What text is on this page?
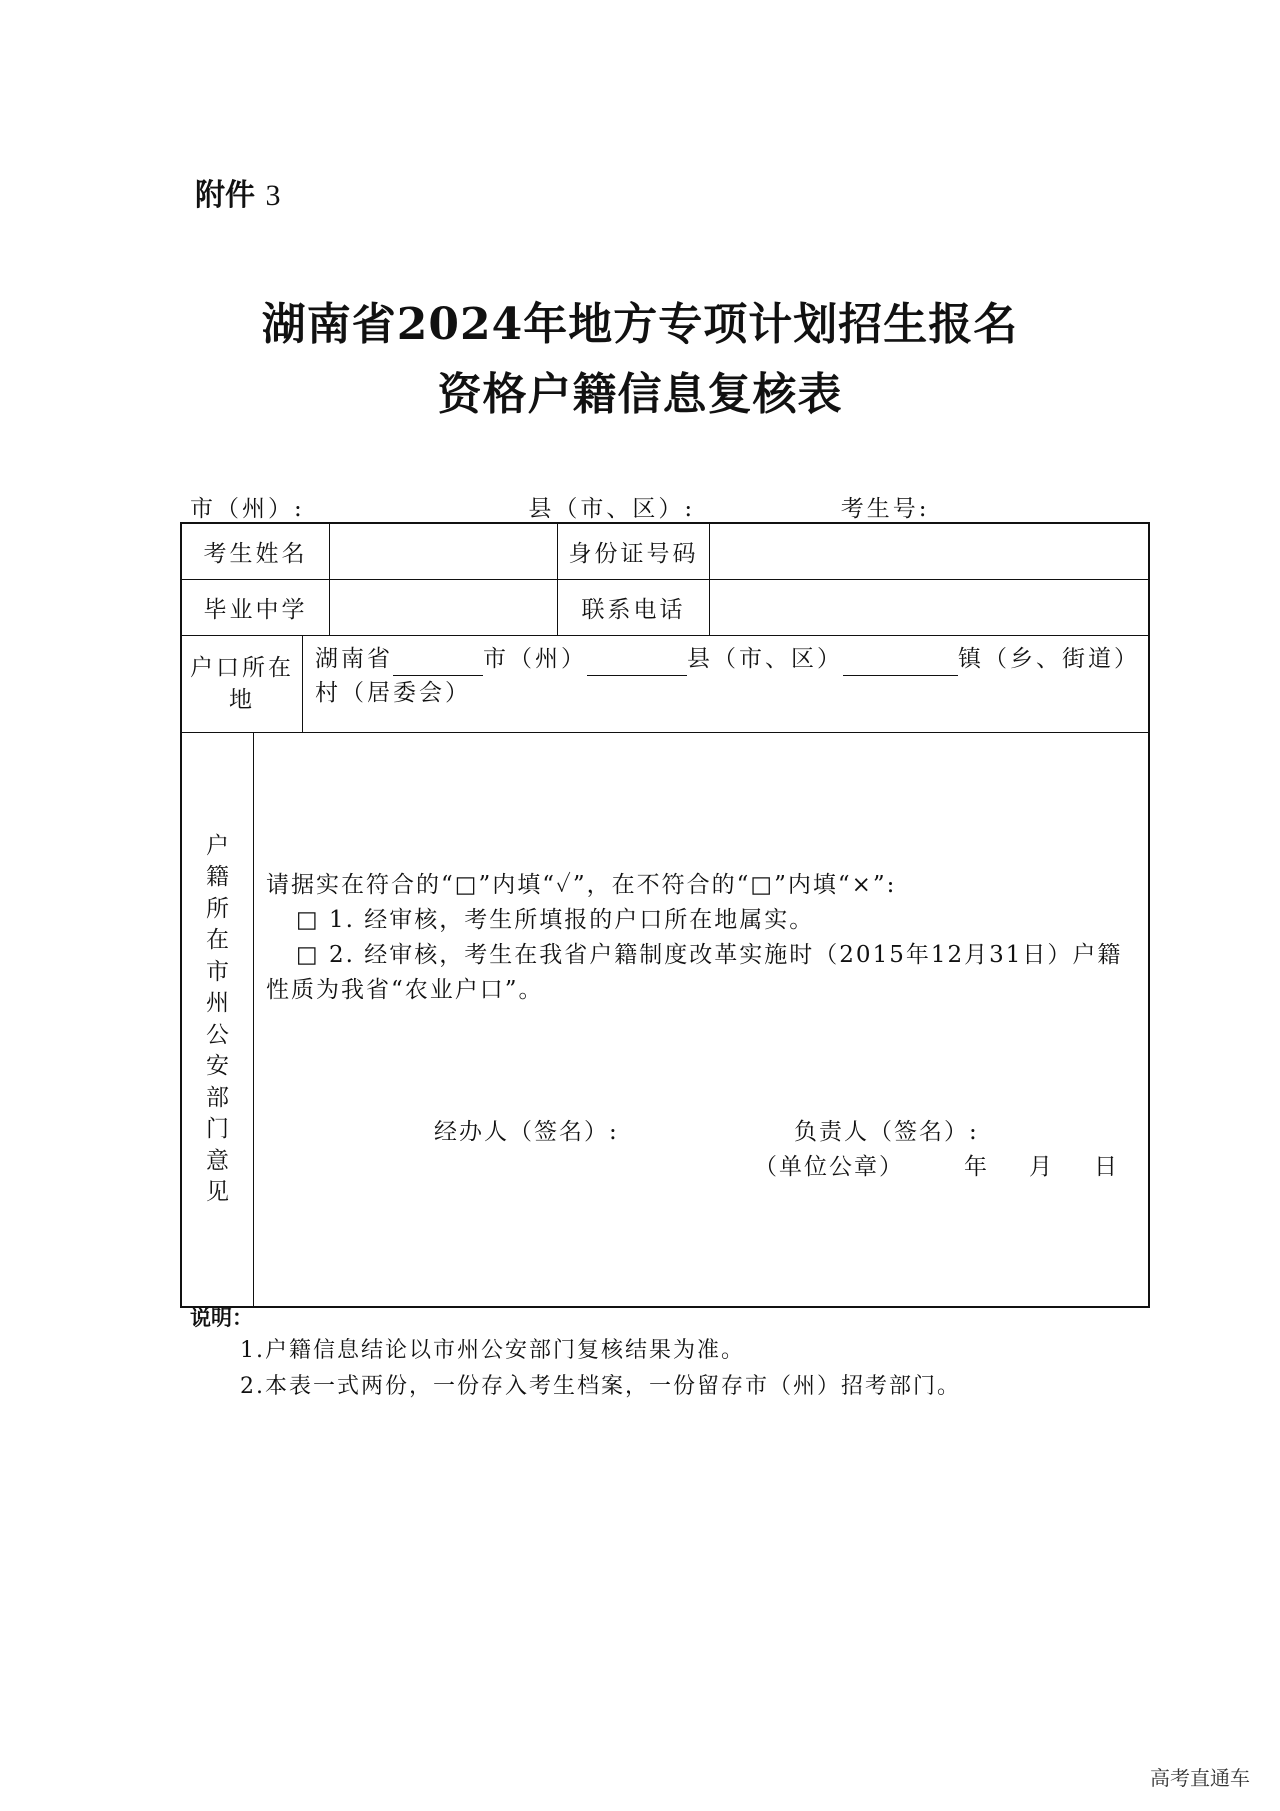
附件 3
湖南省2024年地方专项计划招生报名
资格户籍信息复核表
市（州）:	县（市、区）:	考生号:
考生姓名	身份证号码
毕业中学	联系电话
户口所在
地
湖南省	市（州）	县（市、区）	镇（乡、街道）
村（居委会）
户
籍
所
在
市
州
公
安
部
门
意
见

请据实在符合的“□”内填“✓”，在不符合的“□”内填“×”:

□ 1. 经审核，考生所填报的户口所在地属实。

□ 2. 经审核，考生在我省户籍制度改革实施时（2015年12月31日）户籍

性质为我省“农业户口”。

经办人（签名）:	负责人（签名）:
（单位公章）	年 月 日
说明：

1.户籍信息结论以市州公安部门复核结果为准。

2.本表一式两份，一份存入考生档案，一份留存市（州）招考部门。

高考直通车
